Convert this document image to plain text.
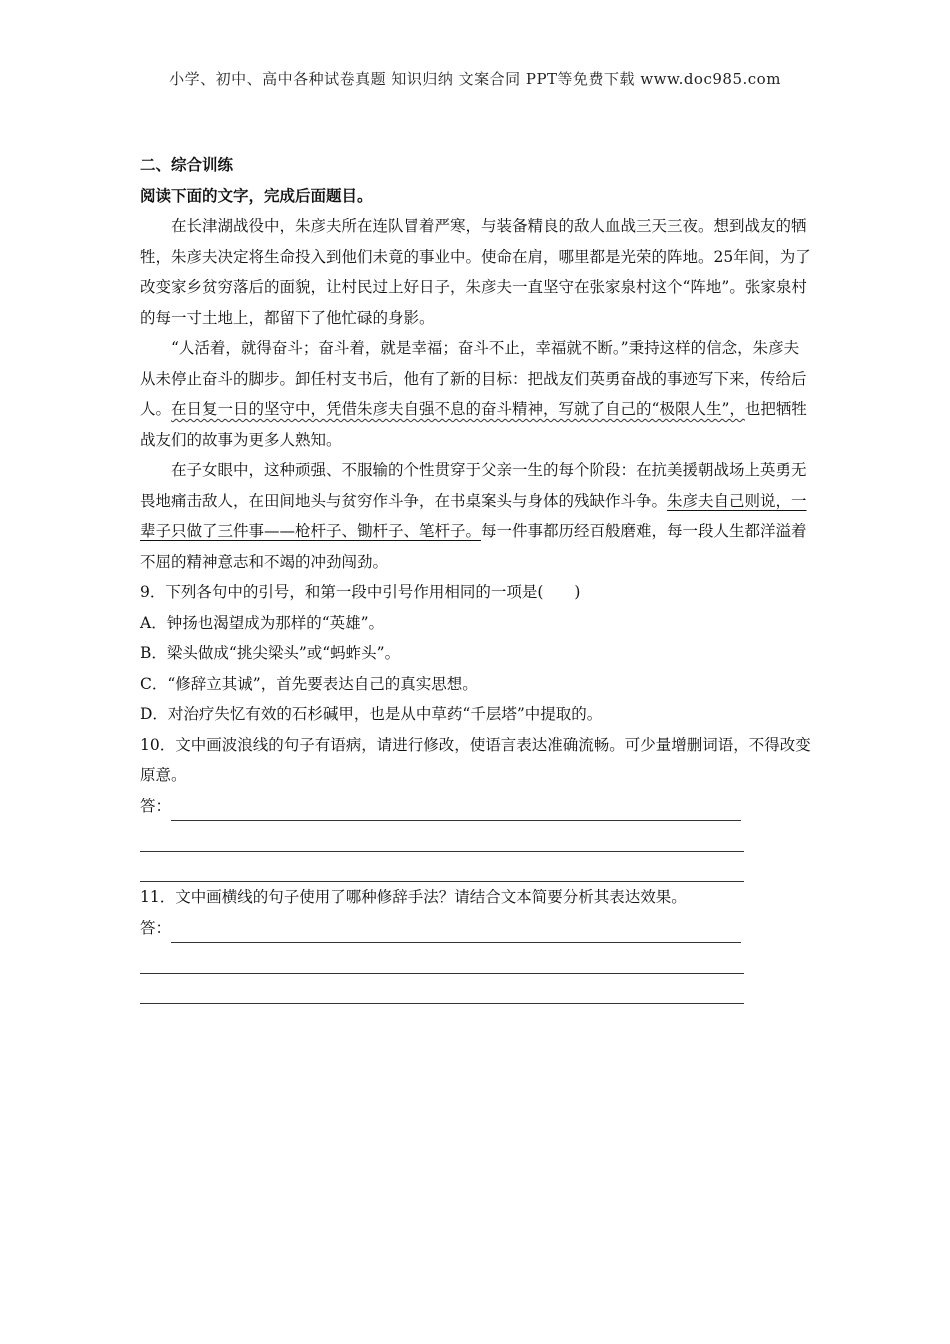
小学、初中、高中各种试卷真题 知识归纳 文案合同 PPT等免费下载 www.doc985.com

二、综合训练

阅读下面的文字，完成后面题目。

在长津湖战役中，朱彦夫所在连队冒着严寒，与装备精良的敌人血战三天三夜。想到战友的牺牲，朱彦夫决定将生命投入到他们未竟的事业中。使命在肩，哪里都是光荣的阵地。25年间，为了改变家乡贫穷落后的面貌，让村民过上好日子，朱彦夫一直坚守在张家泉村这个“阵地”。张家泉村的每一寸土地上，都留下了他忙碌的身影。

“人活着，就得奋斗；奋斗着，就是幸福；奋斗不止，幸福就不断。”秉持这样的信念，朱彦夫从未停止奋斗的脚步。卸任村支书后，他有了新的目标：把战友们英勇奋战的事迹写下来，传给后人。在日复一日的坚守中，凭借朱彦夫自强不息的奋斗精神，写就了自己的“极限人生”，也把牺牲战友们的故事为更多人熟知。

在子女眼中，这种顽强、不服输的个性贯穿于父亲一生的每个阶段：在抗美援朝战场上英勇无畏地痛击敌人，在田间地头与贫穷作斗争，在书桌案头与身体的残缺作斗争。朱彦夫自己则说，一辈子只做了三件事——枪杆子、锄杆子、笔杆子。每一件事都历经百般磨难，每一段人生都洋溢着不屈的精神意志和不竭的冲劲闯劲。

9．下列各句中的引号，和第一段中引号作用相同的一项是(　　)

A．钟扬也渴望成为那样的“英雄”。

B．梁头做成“挑尖梁头”或“蚂蚱头”。

C．“修辞立其诚”，首先要表达自己的真实思想。

D．对治疗失忆有效的石杉碱甲，也是从中草药“千层塔”中提取的。

10．文中画波浪线的句子有语病，请进行修改，使语言表达准确流畅。可少量增删词语，不得改变原意。

答：

11．文中画横线的句子使用了哪种修辞手法？请结合文本简要分析其表达效果。

答：
